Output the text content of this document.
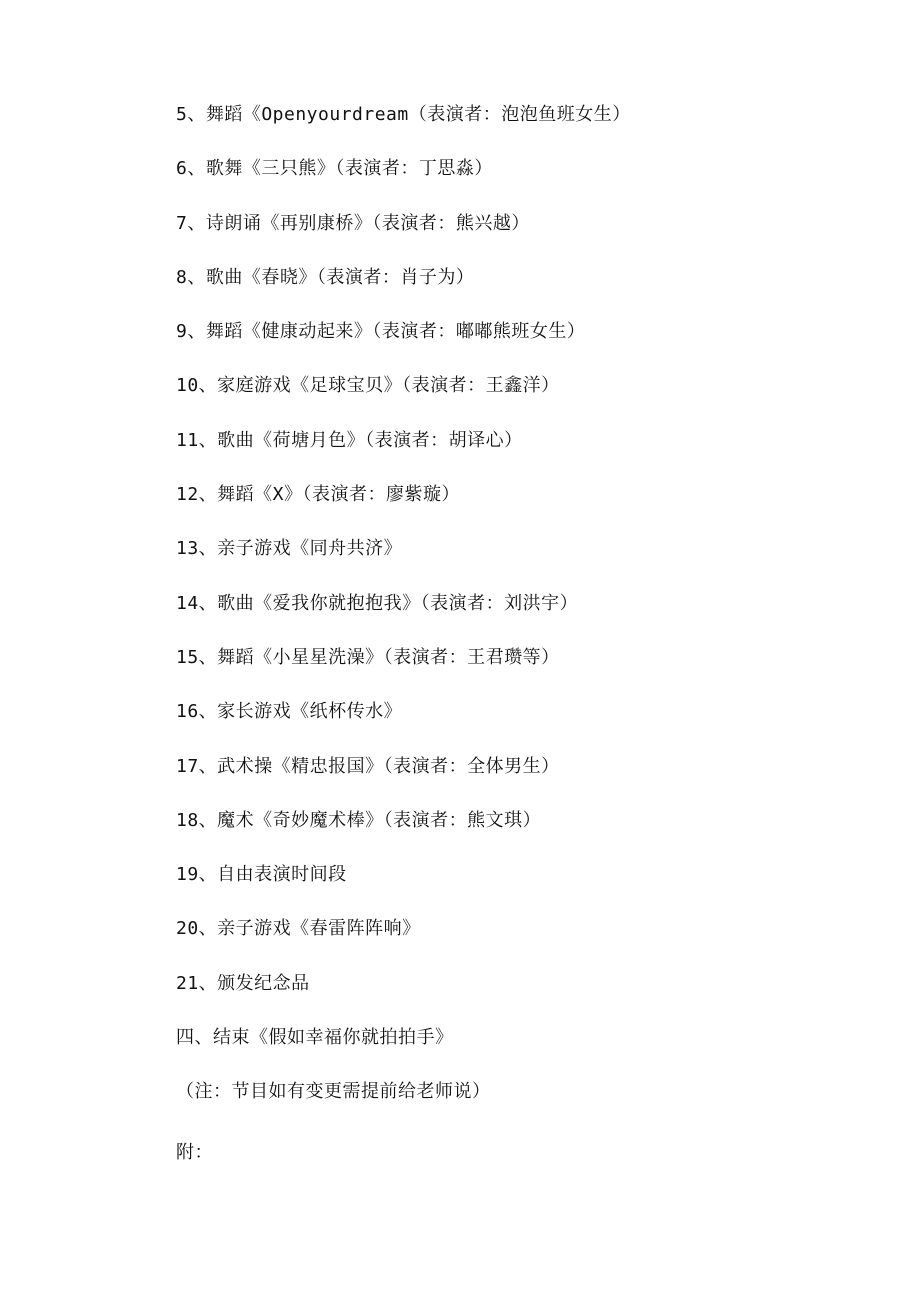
5、舞蹈《Openyourdream（表演者：泡泡鱼班女生）
6、歌舞《三只熊》（表演者：丁思淼）
7、诗朗诵《再别康桥》（表演者：熊兴越）
8、歌曲《春晓》（表演者：肖子为）
9、舞蹈《健康动起来》（表演者：嘟嘟熊班女生）
10、家庭游戏《足球宝贝》（表演者：王鑫洋）
11、歌曲《荷塘月色》（表演者：胡译心）
12、舞蹈《X》（表演者：廖紫璇）
13、亲子游戏《同舟共济》
14、歌曲《爱我你就抱抱我》（表演者：刘洪宇）
15、舞蹈《小星星洗澡》（表演者：王君瓒等）
16、家长游戏《纸杯传水》
17、武术操《精忠报国》（表演者：全体男生）
18、魔术《奇妙魔术棒》（表演者：熊文琪）
19、自由表演时间段
20、亲子游戏《春雷阵阵响》
21、颁发纪念品
四、结束《假如幸福你就拍拍手》
（注：节目如有变更需提前给老师说）
附：
